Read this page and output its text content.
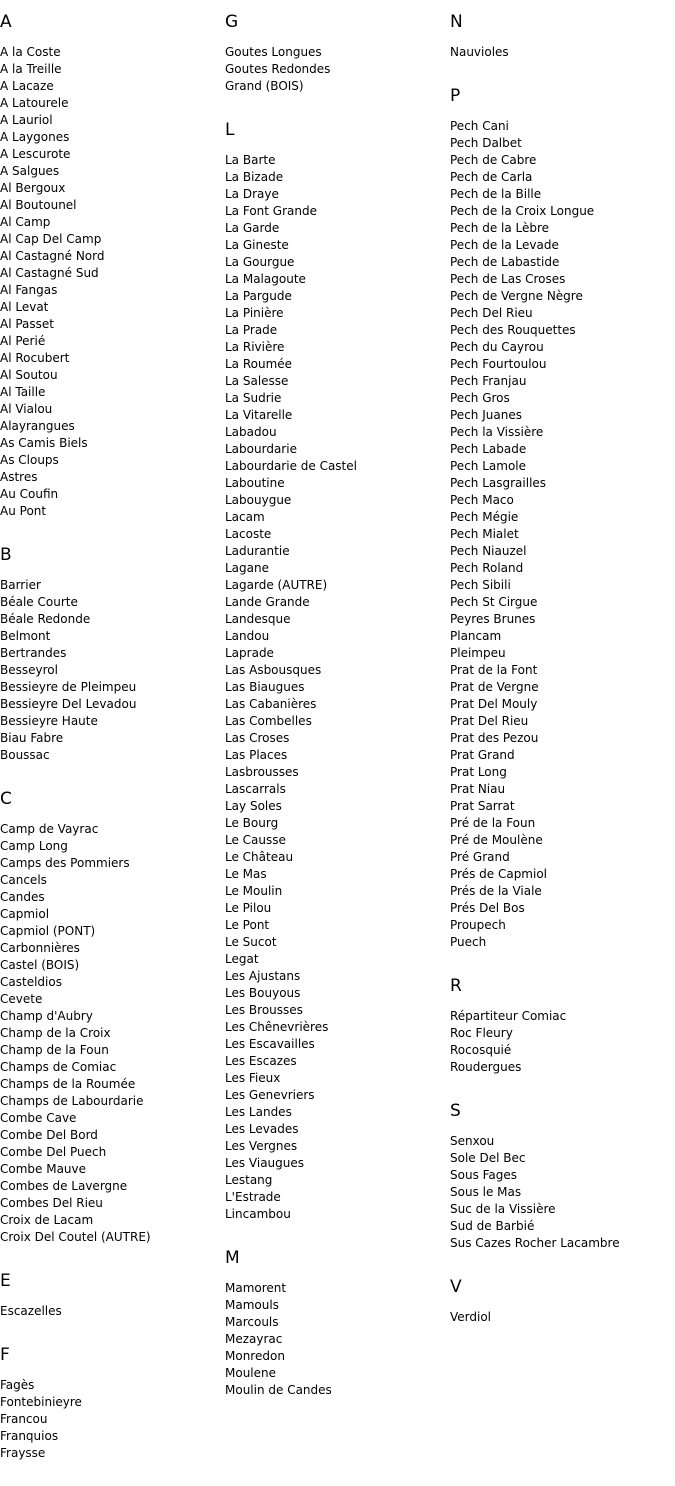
A
A la Coste
A la Treille
A Lacaze
A Latourele
A Lauriol
A Laygones
A Lescurote
A Salgues
Al Bergoux
Al Boutounel
Al Camp
Al Cap Del Camp
Al Castagné Nord
Al Castagné Sud
Al Fangas
Al Levat
Al Passet
Al Perié
Al Rocubert
Al Soutou
Al Taille
Al Vialou
Alayrangues
As Camis Biels
As Cloups
Astres
Au Coufin
Au Pont
B
Barrier
Béale Courte
Béale Redonde
Belmont
Bertrandes
Besseyrol
Bessieyre de Pleimpeu
Bessieyre Del Levadou
Bessieyre Haute
Biau Fabre
Boussac
C
Camp de Vayrac
Camp Long
Camps des Pommiers
Cancels
Candes
Capmiol
Capmiol (PONT)
Carbonnières
Castel (BOIS)
Casteldios
Cevete
Champ d'Aubry
Champ de la Croix
Champ de la Foun
Champs de Comiac
Champs de la Roumée
Champs de Labourdarie
Combe Cave
Combe Del Bord
Combe Del Puech
Combe Mauve
Combes de Lavergne
Combes Del Rieu
Croix de Lacam
Croix Del Coutel (AUTRE)
E
Escazelles
F
Fagès
Fontebinieyre
Francou
Franquios
Fraysse
G
Goutes Longues
Goutes Redondes
Grand (BOIS)
L
La Barte
La Bizade
La Draye
La Font Grande
La Garde
La Gineste
La Gourgue
La Malagoute
La Pargude
La Pinière
La Prade
La Rivière
La Roumée
La Salesse
La Sudrie
La Vitarelle
Labadou
Labourdarie
Labourdarie de Castel
Laboutine
Labouygue
Lacam
Lacoste
Ladurantie
Lagane
Lagarde (AUTRE)
Lande Grande
Landesque
Landou
Laprade
Las Asbousques
Las Biaugues
Las Cabanières
Las Combelles
Las Croses
Las Places
Lasbrousses
Lascarrals
Lay Soles
Le Bourg
Le Causse
Le Château
Le Mas
Le Moulin
Le Pilou
Le Pont
Le Sucot
Legat
Les Ajustans
Les Bouyous
Les Brousses
Les Chênevrières
Les Escavailles
Les Escazes
Les Fieux
Les Genevriers
Les Landes
Les Levades
Les Vergnes
Les Viaugues
Lestang
L'Estrade
Lincambou
M
Mamorent
Mamouls
Marcouls
Mezayrac
Monredon
Moulene
Moulin de Candes
N
Nauvioles
P
Pech Cani
Pech Dalbet
Pech de Cabre
Pech de Carla
Pech de la Bille
Pech de la Croix Longue
Pech de la Lèbre
Pech de la Levade
Pech de Labastide
Pech de Las Croses
Pech de Vergne Nègre
Pech Del Rieu
Pech des Rouquettes
Pech du Cayrou
Pech Fourtoulou
Pech Franjau
Pech Gros
Pech Juanes
Pech la Vissière
Pech Labade
Pech Lamole
Pech Lasgrailles
Pech Maco
Pech Mégie
Pech Mialet
Pech Niauzel
Pech Roland
Pech Sibili
Pech St Cirgue
Peyres Brunes
Plancam
Pleimpeu
Prat de la Font
Prat de Vergne
Prat Del Mouly
Prat Del Rieu
Prat des Pezou
Prat Grand
Prat Long
Prat Niau
Prat Sarrat
Pré de la Foun
Pré de Moulène
Pré Grand
Prés de Capmiol
Prés de la Viale
Prés Del Bos
Proupech
Puech
R
Répartiteur Comiac
Roc Fleury
Rocosquié
Roudergues
S
Senxou
Sole Del Bec
Sous Fages
Sous le Mas
Suc de la Vissière
Sud de Barbié
Sus Cazes Rocher Lacambre
V
Verdiol
